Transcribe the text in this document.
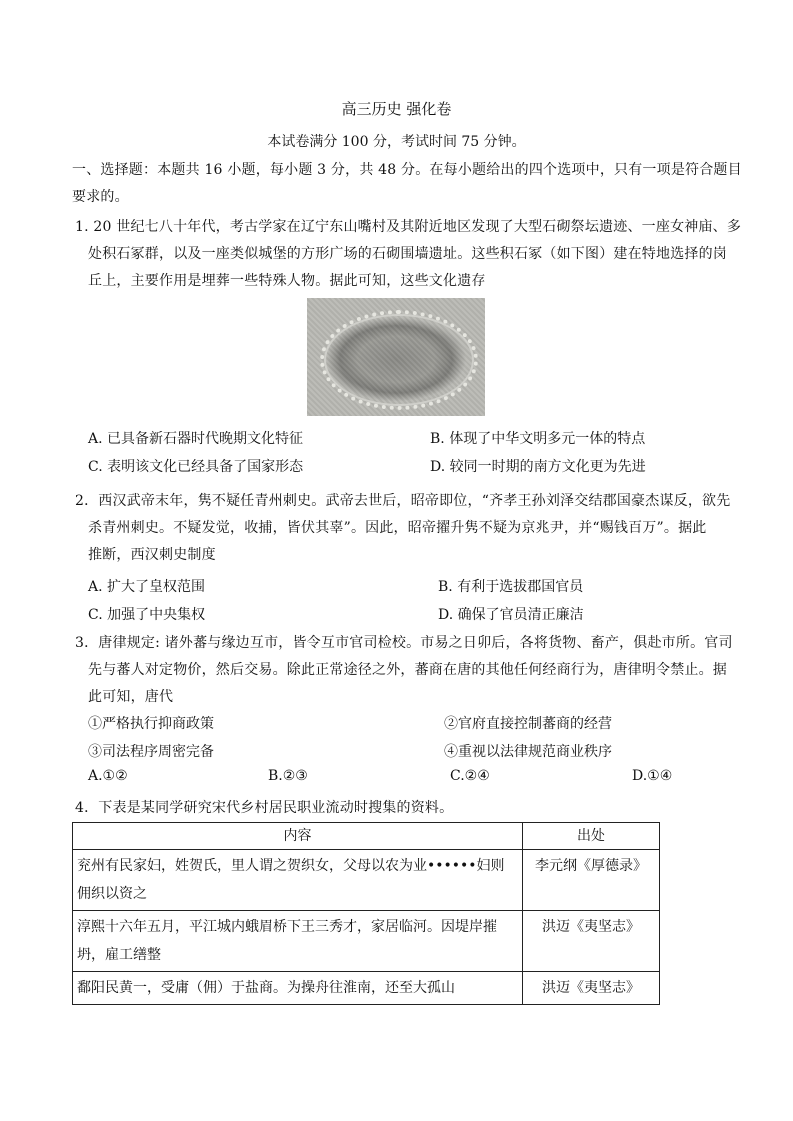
高三历史 强化卷
本试卷满分 100 分，考试时间 75 分钟。
一、选择题：本题共 16 小题，每小题 3 分，共 48 分。在每小题给出的四个选项中，只有一项是符合题目
要求的。
1. 20 世纪七八十年代，考古学家在辽宁东山嘴村及其附近地区发现了大型石砌祭坛遗迹、一座女神庙、多
处积石冢群，以及一座类似城堡的方形广场的石砌围墙遗址。这些积石冢（如下图）建在特地选择的岗
丘上，主要作用是埋葬一些特殊人物。据此可知，这些文化遗存
A. 已具备新石器时代晚期文化特征	B. 体现了中华文明多元一体的特点
C. 表明该文化已经具备了国家形态	D. 较同一时期的南方文化更为先进
2．西汉武帝末年，隽不疑任青州刺史。武帝去世后，昭帝即位，“齐孝王孙刘泽交结郡国豪杰谋反，欲先
杀青州刺史。不疑发觉，收捕，皆伏其辜”。因此，昭帝擢升隽不疑为京兆尹，并“赐钱百万”。据此
推断，西汉刺史制度
A. 扩大了皇权范围	B. 有利于选拔郡国官员
C. 加强了中央集权	D. 确保了官员清正廉洁
3．唐律规定: 诸外蕃与缘边互市，皆令互市官司检校。市易之日卯后，各将货物、畜产，俱赴市所。官司
先与蕃人对定物价，然后交易。除此正常途径之外，蕃商在唐的其他任何经商行为，唐律明令禁止。据
此可知，唐代
①严格执行抑商政策	②官府直接控制蕃商的经营
③司法程序周密完备	④重视以法律规范商业秩序
A.①②	B.②③	C.②④	D.①④
4．下表是某同学研究宋代乡村居民职业流动时搜集的资料。
内容	出处
兖州有民家妇，姓贺氏，里人谓之贺织女，父母以农为业••••••妇则佣织以资之	李元纲《厚德录》
淳熙十六年五月，平江城内蛾眉桥下王三秀才，家居临河。因堤岸摧坍，雇工缮整	洪迈《夷坚志》
鄱阳民黄一，受庸（佣）于盐商。为操舟往淮南，还至大孤山	洪迈《夷坚志》
